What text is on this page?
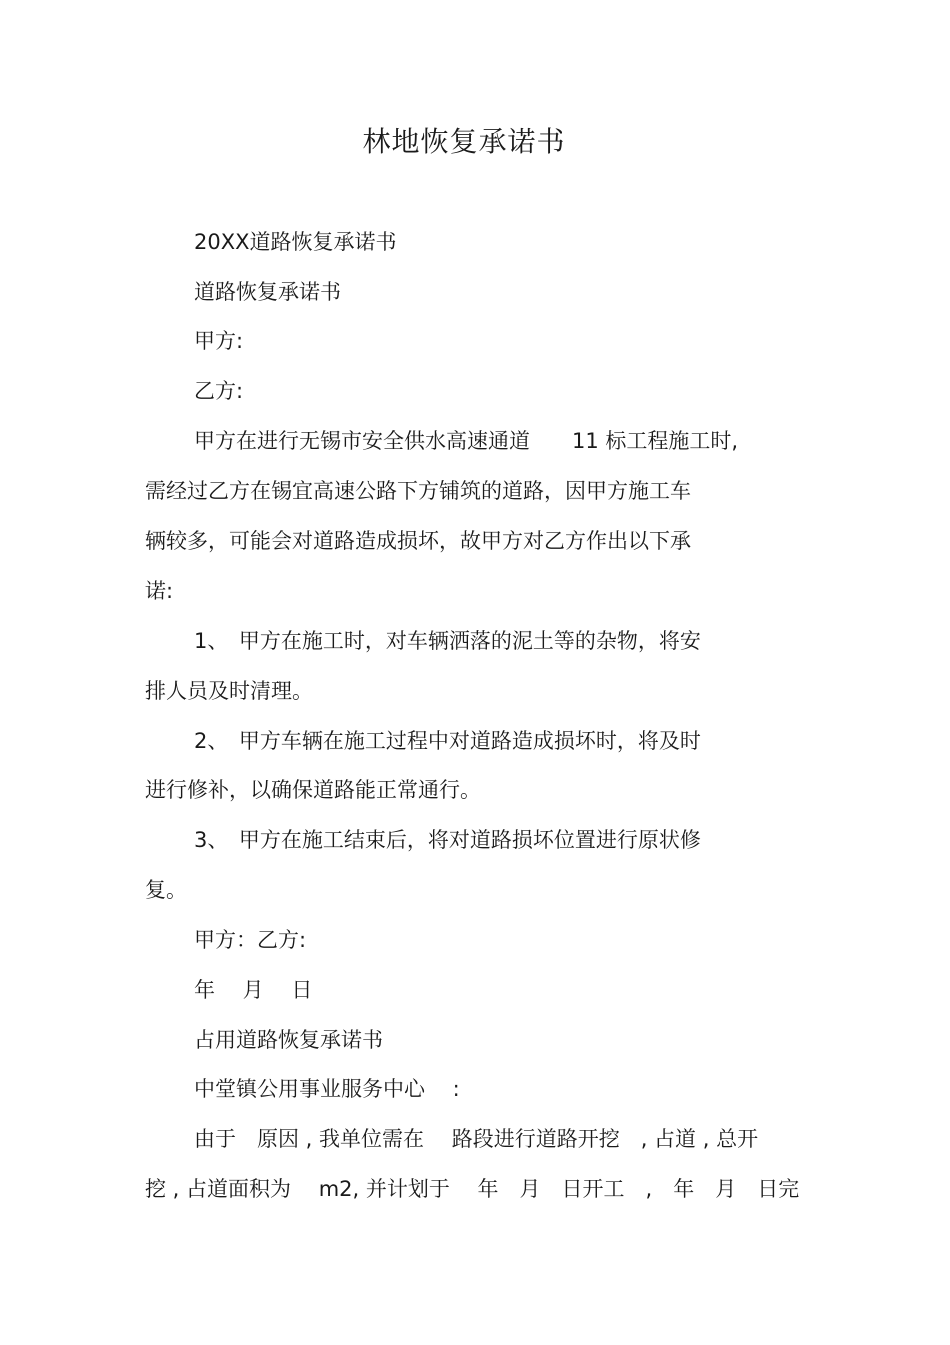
林地恢复承诺书
20XX道路恢复承诺书
道路恢复承诺书
甲方:
乙方:
甲方在进行无锡市安全供水高速通道　　11 标工程施工时,
需经过乙方在锡宜高速公路下方铺筑的道路，因甲方施工车
辆较多，可能会对道路造成损坏，故甲方对乙方作出以下承
诺:
1、　甲方在施工时，对车辆洒落的泥土等的杂物，将安
排人员及时清理。
2、　甲方车辆在施工过程中对道路造成损坏时，将及时
进行修补，以确保道路能正常通行。
3、　甲方在施工结束后，将对道路损坏位置进行原状修
复。
甲方：乙方:
年　 月　 日
占用道路恢复承诺书
中堂镇公用事业服务中心　 :
由于　原因 , 我单位需在　 路段进行道路开挖　, 占道 , 总开
挖 , 占道面积为　 m2, 并计划于　 年　月　日开工　,　年　月　日完
